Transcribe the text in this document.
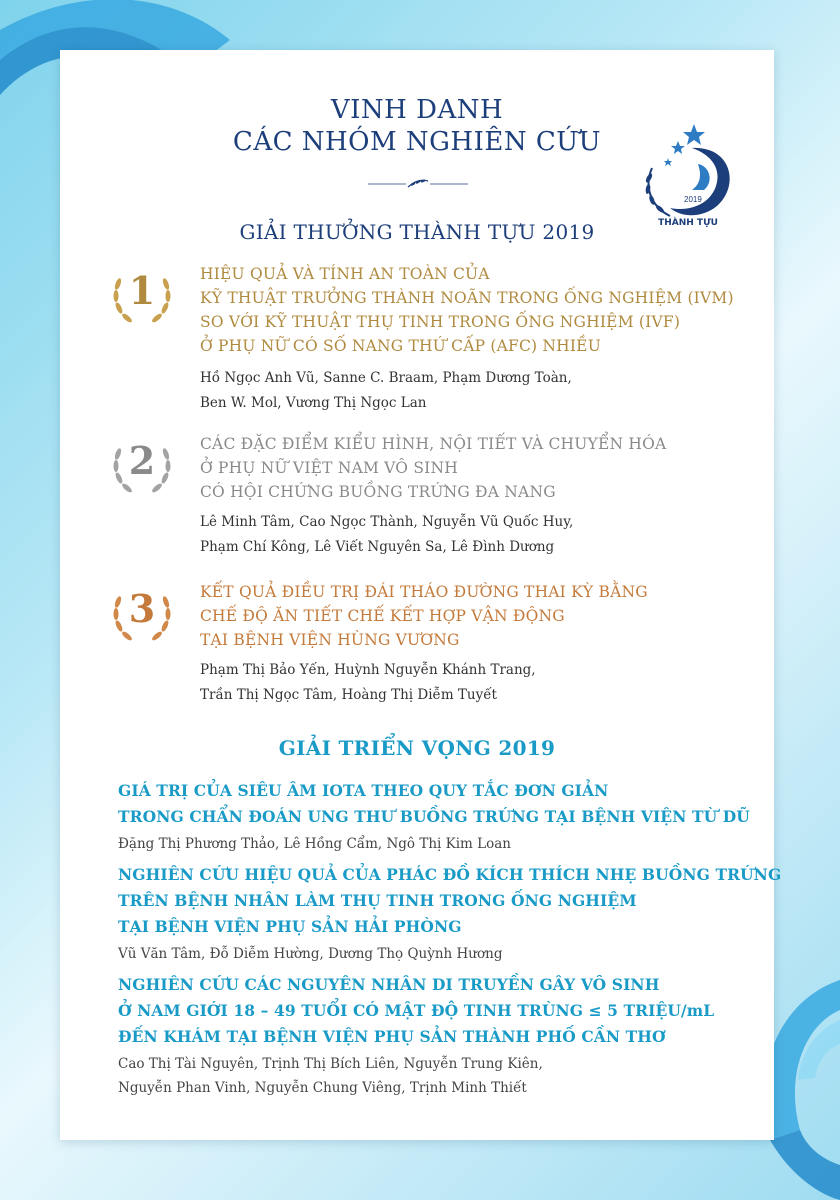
VINH DANH
CÁC NHÓM NGHIÊN CỨU
2019
THÀNH TỰU
GIẢI THƯỞNG THÀNH TỰU 2019
1	HIỆU QUẢ VÀ TÍNH AN TOÀN CỦA
KỸ THUẬT TRƯỞNG THÀNH NOÃN TRONG ỐNG NGHIỆM (IVM)
SO VỚI KỸ THUẬT THỤ TINH TRONG ỐNG NGHIỆM (IVF)
Ở PHỤ NỮ CÓ SỐ NANG THỨ CẤP (AFC) NHIỀU
Hồ Ngọc Anh Vũ, Sanne C. Braam, Phạm Dương Toàn,
Ben W. Mol, Vương Thị Ngọc Lan
2	CÁC ĐẶC ĐIỂM KIỂU HÌNH, NỘI TIẾT VÀ CHUYỂN HÓA
Ở PHỤ NỮ VIỆT NAM VÔ SINH
CÓ HỘI CHỨNG BUỒNG TRỨNG ĐA NANG
Lê Minh Tâm, Cao Ngọc Thành, Nguyễn Vũ Quốc Huy,
Phạm Chí Kông, Lê Viết Nguyên Sa, Lê Đình Dương
3	KẾT QUẢ ĐIỀU TRỊ ĐÁI THÁO ĐƯỜNG THAI KỲ BẰNG
CHẾ ĐỘ ĂN TIẾT CHẾ KẾT HỢP VẬN ĐỘNG
TẠI BỆNH VIỆN HÙNG VƯƠNG
Phạm Thị Bảo Yến, Huỳnh Nguyễn Khánh Trang,
Trần Thị Ngọc Tâm, Hoàng Thị Diễm Tuyết
GIẢI TRIỂN VỌNG 2019
GIÁ TRỊ CỦA SIÊU ÂM IOTA THEO QUY TẮC ĐƠN GIẢN
TRONG CHẨN ĐOÁN UNG THƯ BUỒNG TRỨNG TẠI BỆNH VIỆN TỪ DŨ
Đặng Thị Phương Thảo, Lê Hồng Cẩm, Ngô Thị Kim Loan
NGHIÊN CỨU HIỆU QUẢ CỦA PHÁC ĐỒ KÍCH THÍCH NHẸ BUỒNG TRỨNG
TRÊN BỆNH NHÂN LÀM THỤ TINH TRONG ỐNG NGHIỆM
TẠI BỆNH VIỆN PHỤ SẢN HẢI PHÒNG
Vũ Văn Tâm, Đỗ Diễm Hường, Dương Thọ Quỳnh Hương
NGHIÊN CỨU CÁC NGUYÊN NHÂN DI TRUYỀN GÂY VÔ SINH
Ở NAM GIỚI 18 – 49 TUỔI CÓ MẬT ĐỘ TINH TRÙNG ≤ 5 TRIỆU/mL
ĐẾN KHÁM TẠI BỆNH VIỆN PHỤ SẢN THÀNH PHỐ CẦN THƠ
Cao Thị Tài Nguyên, Trịnh Thị Bích Liên, Nguyễn Trung Kiên,
Nguyễn Phan Vinh, Nguyễn Chung Viêng, Trịnh Minh Thiết
